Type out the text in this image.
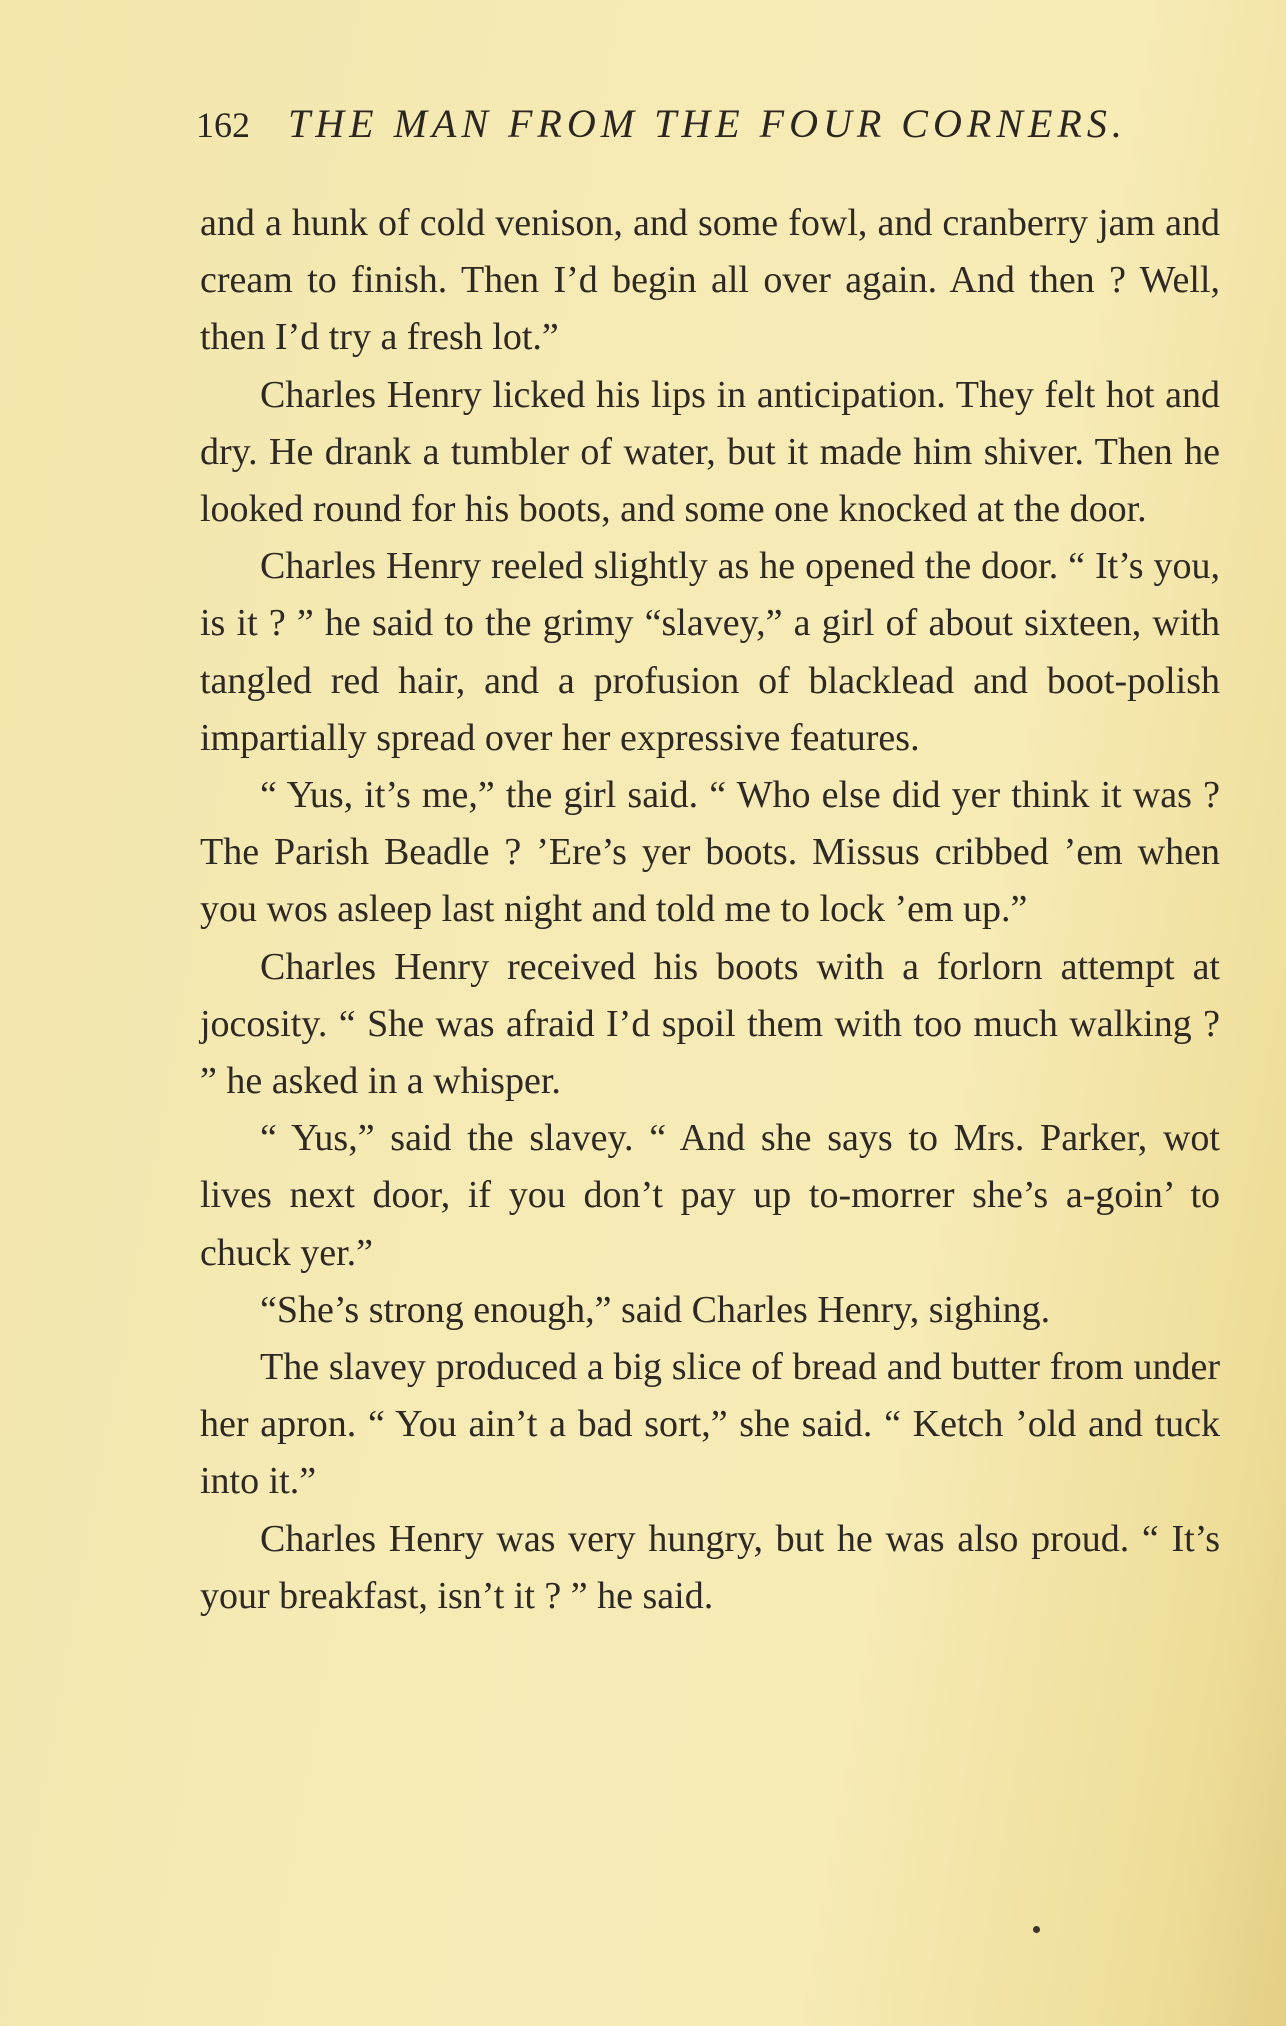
162 THE MAN FROM THE FOUR CORNERS.

and a hunk of cold venison, and some fowl, and cranberry jam and cream to finish. Then I’d begin all over again. And then ? Well, then I’d try a fresh lot.”

Charles Henry licked his lips in anticipation. They felt hot and dry. He drank a tumbler of water, but it made him shiver. Then he looked round for his boots, and some one knocked at the door.

Charles Henry reeled slightly as he opened the door. “ It’s you, is it ? ” he said to the grimy “slavey,” a girl of about sixteen, with tangled red hair, and a profusion of blacklead and boot-polish impartially spread over her expressive features.

“ Yus, it’s me,” the girl said. “ Who else did yer think it was ? The Parish Beadle ? ’Ere’s yer boots. Missus cribbed ’em when you wos asleep last night and told me to lock ’em up.”

Charles Henry received his boots with a forlorn attempt at jocosity. “ She was afraid I’d spoil them with too much walking ? ” he asked in a whisper.

“ Yus,” said the slavey. “ And she says to Mrs. Parker, wot lives next door, if you don’t pay up to-morrer she’s a-goin’ to chuck yer.”

“She’s strong enough,” said Charles Henry, sighing.

The slavey produced a big slice of bread and butter from under her apron. “ You ain’t a bad sort,” she said. “ Ketch ’old and tuck into it.”

Charles Henry was very hungry, but he was also proud. “ It’s your breakfast, isn’t it ? ” he said.
